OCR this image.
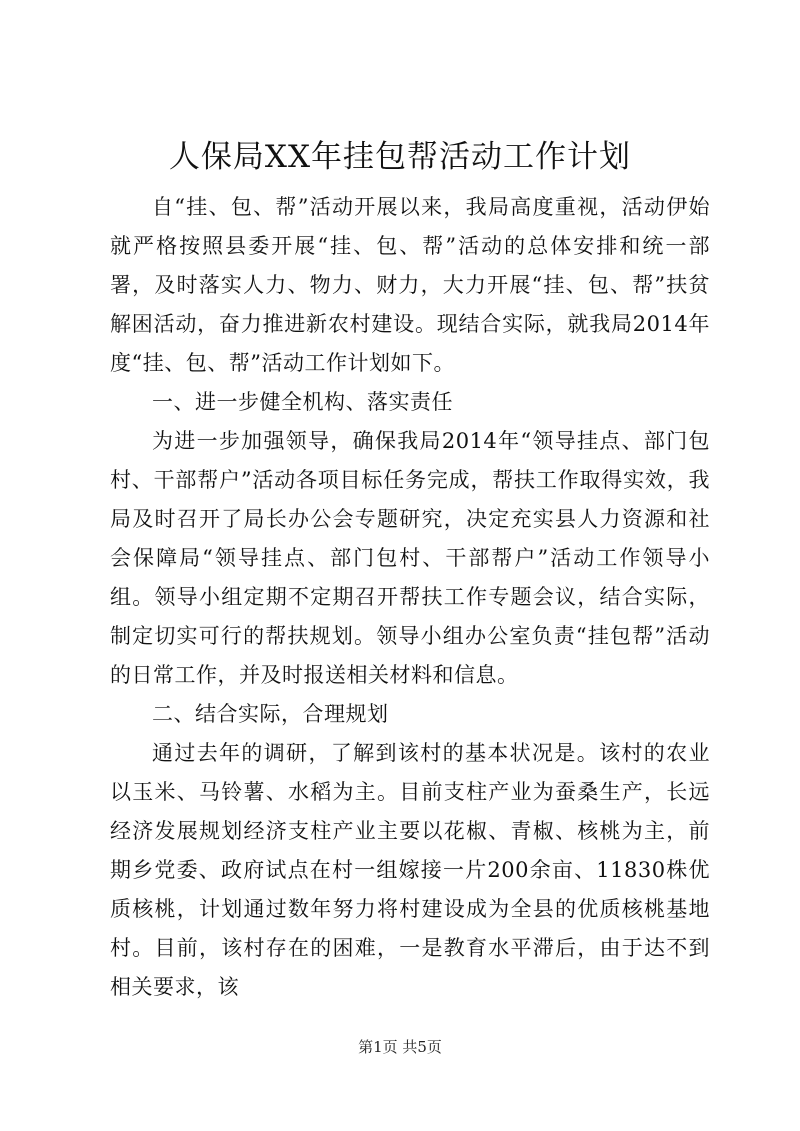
人保局XX年挂包帮活动工作计划

自“挂、包、帮”活动开展以来，我局高度重视，活动伊始就严格按照县委开展“挂、包、帮”活动的总体安排和统一部署，及时落实人力、物力、财力，大力开展“挂、包、帮”扶贫解困活动，奋力推进新农村建设。现结合实际，就我局2014年度“挂、包、帮”活动工作计划如下。

一、进一步健全机构、落实责任

为进一步加强领导，确保我局2014年“领导挂点、部门包村、干部帮户”活动各项目标任务完成，帮扶工作取得实效，我局及时召开了局长办公会专题研究，决定充实县人力资源和社会保障局“领导挂点、部门包村、干部帮户”活动工作领导小组。领导小组定期不定期召开帮扶工作专题会议，结合实际，制定切实可行的帮扶规划。领导小组办公室负责“挂包帮”活动的日常工作，并及时报送相关材料和信息。

二、结合实际，合理规划

通过去年的调研，了解到该村的基本状况是。该村的农业以玉米、马铃薯、水稻为主。目前支柱产业为蚕桑生产，长远经济发展规划经济支柱产业主要以花椒、青椒、核桃为主，前期乡党委、政府试点在村一组嫁接一片200余亩、11830株优质核桃，计划通过数年努力将村建设成为全县的优质核桃基地村。目前，该村存在的困难，一是教育水平滞后，由于达不到相关要求，该

第1页 共5页
